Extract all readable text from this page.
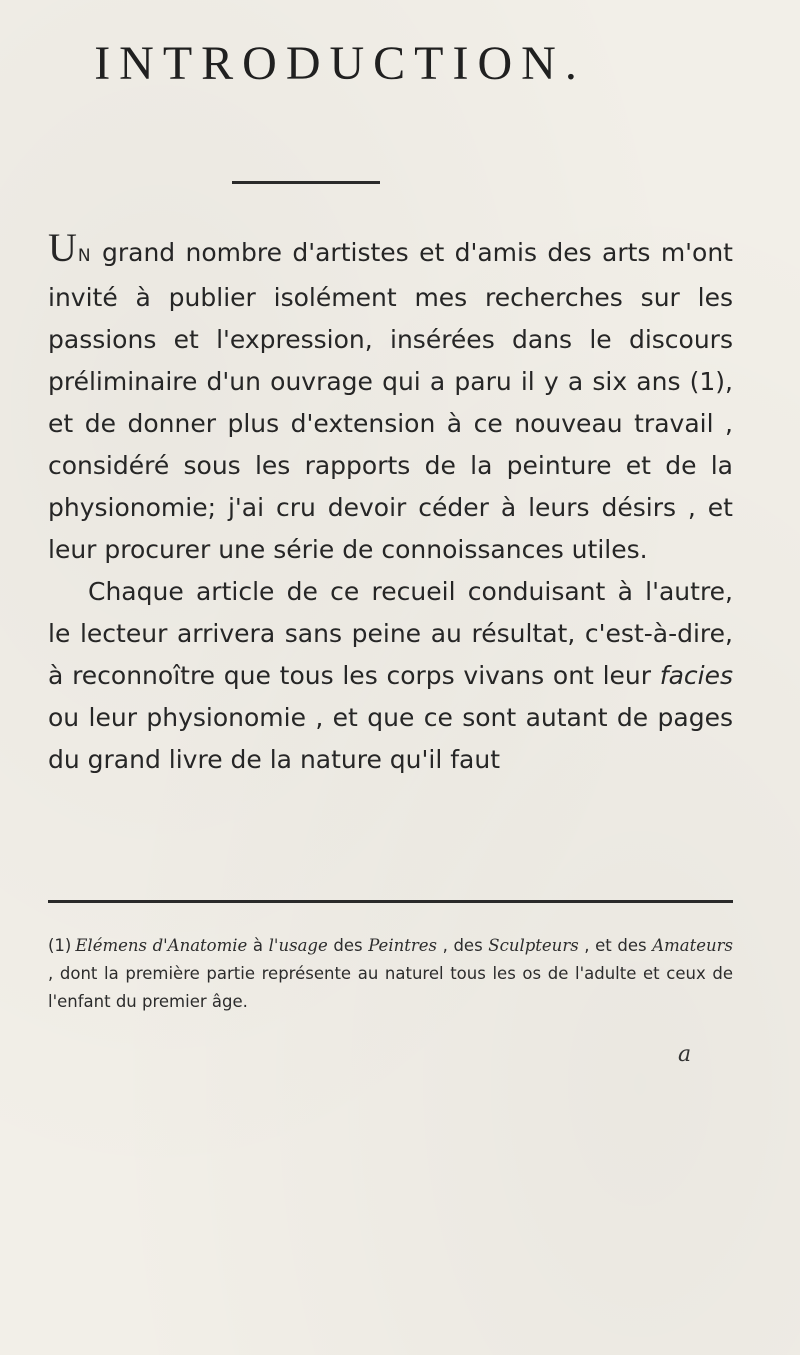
INTRODUCTION.

UN grand nombre d'artistes et d'amis des arts m'ont invité à publier isolément mes recherches sur les passions et l'expression, insérées dans le discours préliminaire d'un ouvrage qui a paru il y a six ans (1), et de donner plus d'extension à ce nouveau travail , considéré sous les rapports de la peinture et de la physionomie; j'ai cru devoir céder à leurs désirs , et leur procurer une série de connoissances utiles.

Chaque article de ce recueil conduisant à l'autre, le lecteur arrivera sans peine au résultat, c'est-à-dire, à reconnoître que tous les corps vivans ont leur facies ou leur physionomie , et que ce sont autant de pages du grand livre de la nature qu'il faut

(1) Elémens d'Anatomie à l'usage des Peintres , des Sculpteurs , et des Amateurs , dont la première partie représente au naturel tous les os de l'adulte et ceux de l'enfant du premier âge.
a
